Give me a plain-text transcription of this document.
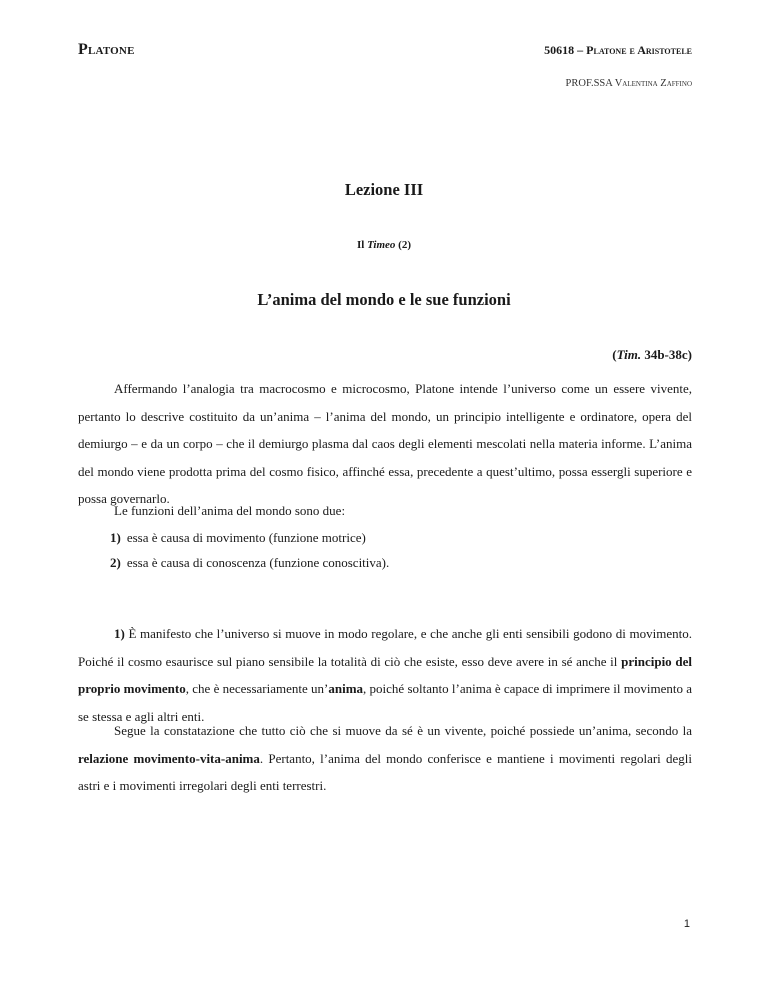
Platone	50618 – Platone e Aristotele
PROF.SSA Valentina Zaffino
Lezione III
Il Timeo (2)
L’anima del mondo e le sue funzioni
(Tim. 34b-38c)
Affermando l’analogia tra macrocosmo e microcosmo, Platone intende l’universo come un essere vivente, pertanto lo descrive costituito da un’anima – l’anima del mondo, un principio intelligente e ordinatore, opera del demiurgo – e da un corpo – che il demiurgo plasma dal caos degli elementi mescolati nella materia informe. L’anima del mondo viene prodotta prima del cosmo fisico, affinché essa, precedente a quest’ultimo, possa essergli superiore e possa governarlo.
Le funzioni dell’anima del mondo sono due:
1) essa è causa di movimento (funzione motrice)
2) essa è causa di conoscenza (funzione conoscitiva).
1) È manifesto che l’universo si muove in modo regolare, e che anche gli enti sensibili godono di movimento. Poiché il cosmo esaurisce sul piano sensibile la totalità di ciò che esiste, esso deve avere in sé anche il principio del proprio movimento, che è necessariamente un’anima, poiché soltanto l’anima è capace di imprimere il movimento a se stessa e agli altri enti.
Segue la constatazione che tutto ciò che si muove da sé è un vivente, poiché possiede un’anima, secondo la relazione movimento-vita-anima. Pertanto, l’anima del mondo conferisce e mantiene i movimenti regolari degli astri e i movimenti irregolari degli enti terrestri.
1
